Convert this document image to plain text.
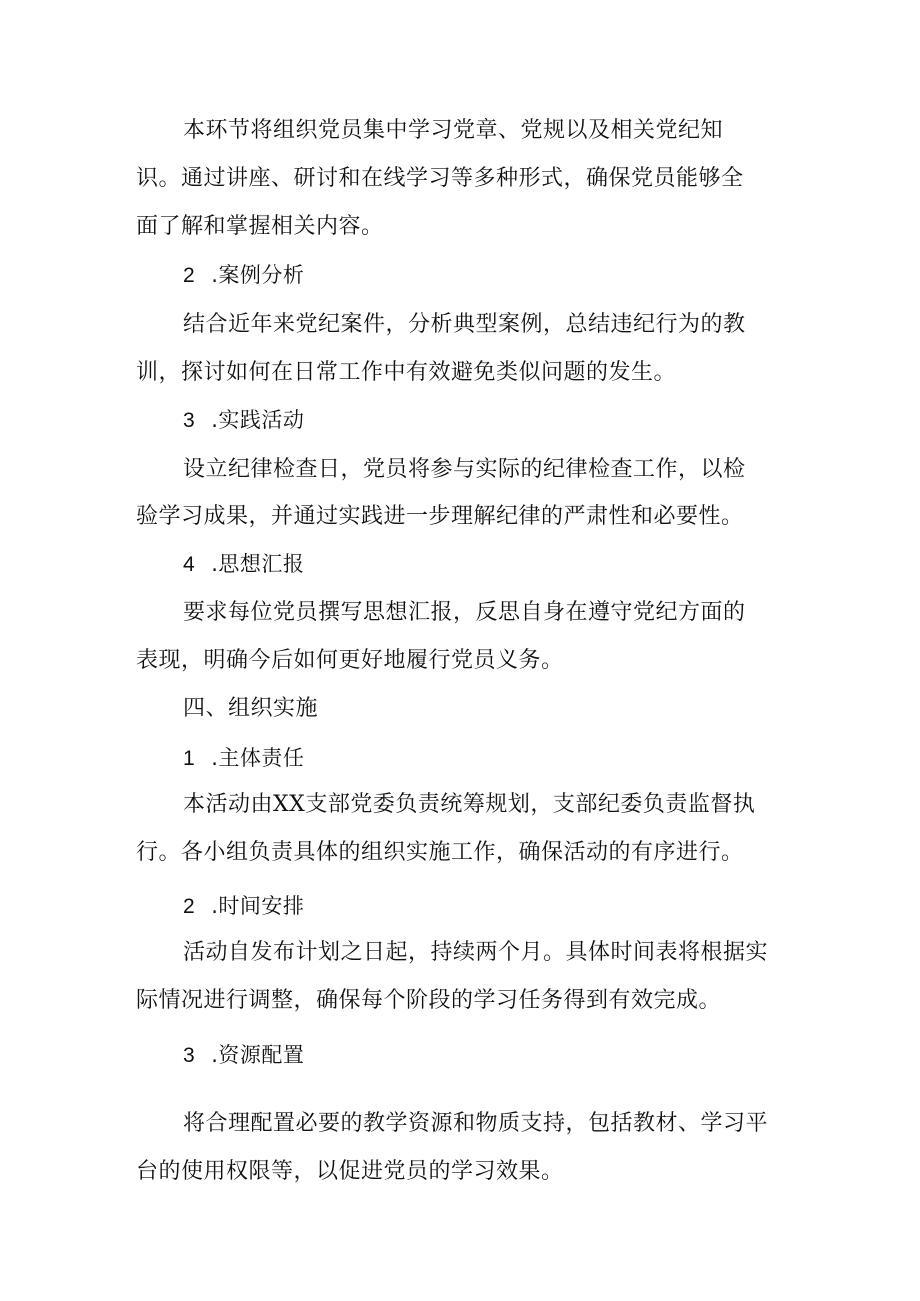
本环节将组织党员集中学习党章、党规以及相关党纪知
识。通过讲座、研讨和在线学习等多种形式，确保党员能够全
面了解和掌握相关内容。
2 .案例分析
结合近年来党纪案件，分析典型案例，总结违纪行为的教
训，探讨如何在日常工作中有效避免类似问题的发生。
3 .实践活动
设立纪律检查日，党员将参与实际的纪律检查工作，以检
验学习成果，并通过实践进一步理解纪律的严肃性和必要性。
4 .思想汇报
要求每位党员撰写思想汇报，反思自身在遵守党纪方面的
表现，明确今后如何更好地履行党员义务。
四、组织实施
1 .主体责任
本活动由XX支部党委负责统筹规划，支部纪委负责监督执
行。各小组负责具体的组织实施工作，确保活动的有序进行。
2 .时间安排
活动自发布计划之日起，持续两个月。具体时间表将根据实
际情况进行调整，确保每个阶段的学习任务得到有效完成。
3 .资源配置
将合理配置必要的教学资源和物质支持，包括教材、学习平
台的使用权限等，以促进党员的学习效果。
